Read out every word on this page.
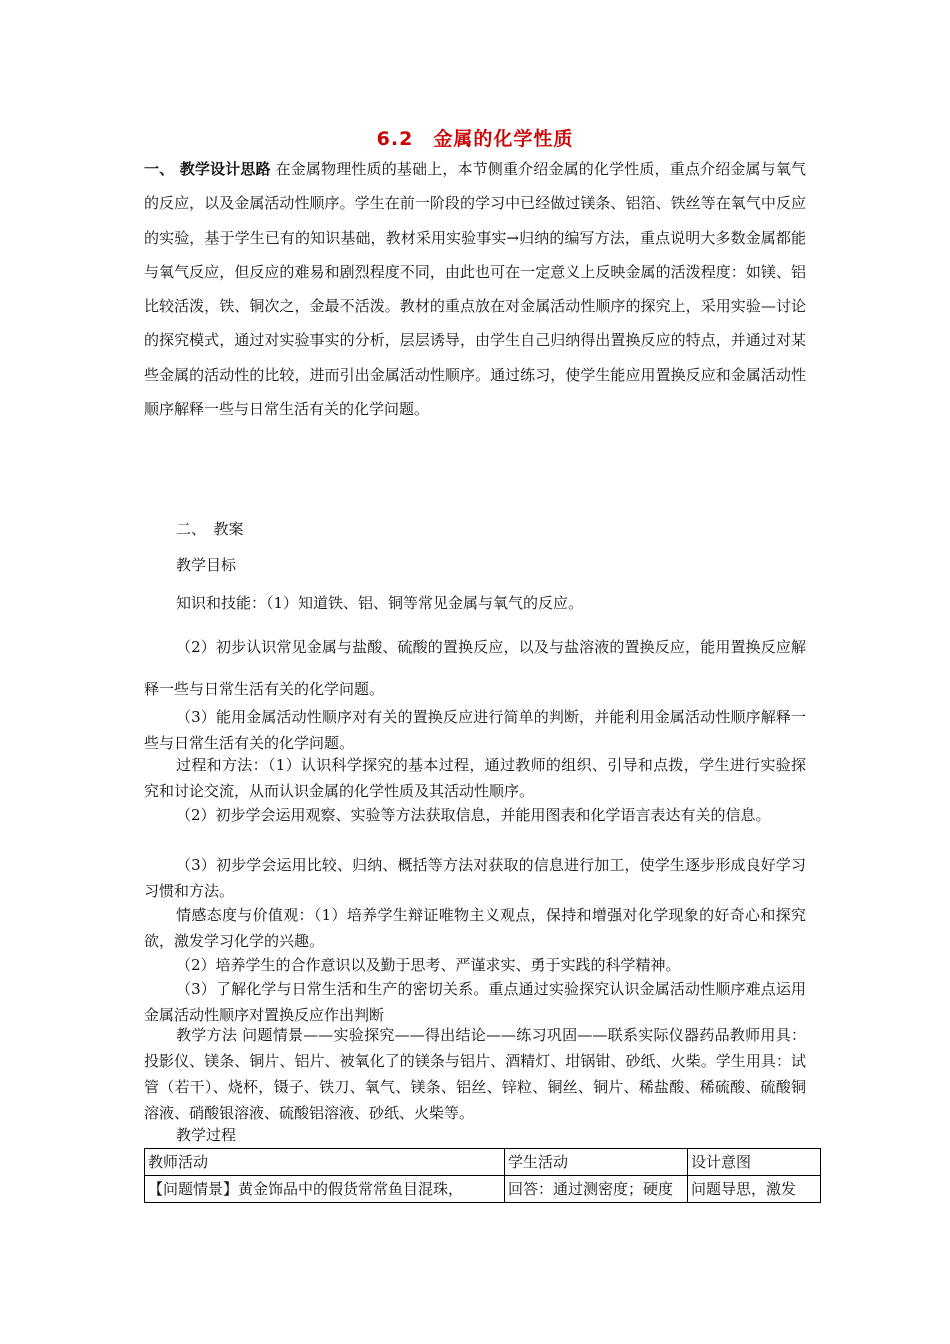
6.2　金属的化学性质
一、 教学设计思路 在金属物理性质的基础上，本节侧重介绍金属的化学性质，重点介绍金属与氧气的反应，以及金属活动性顺序。学生在前一阶段的学习中已经做过镁条、铝箔、铁丝等在氧气中反应的实验，基于学生已有的知识基础，教材采用实验事实→归纳的编写方法，重点说明大多数金属都能与氧气反应，但反应的难易和剧烈程度不同，由此也可在一定意义上反映金属的活泼程度：如镁、铝比较活泼，铁、铜次之，金最不活泼。教材的重点放在对金属活动性顺序的探究上，采用实验—讨论的探究模式，通过对实验事实的分析，层层诱导，由学生自己归纳得出置换反应的特点，并通过对某些金属的活动性的比较，进而引出金属活动性顺序。通过练习，使学生能应用置换反应和金属活动性顺序解释一些与日常生活有关的化学问题。
二、　教案
教学目标
知识和技能：（1）知道铁、铝、铜等常见金属与氧气的反应。
（2）初步认识常见金属与盐酸、硫酸的置换反应，以及与盐溶液的置换反应，能用置换反应解释一些与日常生活有关的化学问题。
（3）能用金属活动性顺序对有关的置换反应进行简单的判断，并能利用金属活动性顺序解释一些与日常生活有关的化学问题。
过程和方法：（1）认识科学探究的基本过程，通过教师的组织、引导和点拨，学生进行实验探究和讨论交流，从而认识金属的化学性质及其活动性顺序。
（2）初步学会运用观察、实验等方法获取信息，并能用图表和化学语言表达有关的信息。
（3）初步学会运用比较、归纳、概括等方法对获取的信息进行加工，使学生逐步形成良好学习习惯和方法。
情感态度与价值观：（1）培养学生辩证唯物主义观点，保持和增强对化学现象的好奇心和探究欲，激发学习化学的兴趣。
（2）培养学生的合作意识以及勤于思考、严谨求实、勇于实践的科学精神。
（3）了解化学与日常生活和生产的密切关系。重点通过实验探究认识金属活动性顺序难点运用金属活动性顺序对置换反应作出判断
教学方法 问题情景——实验探究——得出结论——练习巩固——联系实际仪器药品教师用具： 投影仪、镁条、铜片、铝片、被氧化了的镁条与铝片、酒精灯、坩锅钳、砂纸、火柴。学生用具：试管（若干）、烧杯，镊子、铁刀、氧气、镁条、铝丝、锌粒、铜丝、铜片、稀盐酸、稀硫酸、硫酸铜溶液、硝酸银溶液、硫酸铝溶液、砂纸、火柴等。
教学过程
教师活动	学生活动	设计意图
【问题情景】黄金饰品中的假货常常鱼目混珠，	回答：通过测密度；硬度	问题导思，激发
